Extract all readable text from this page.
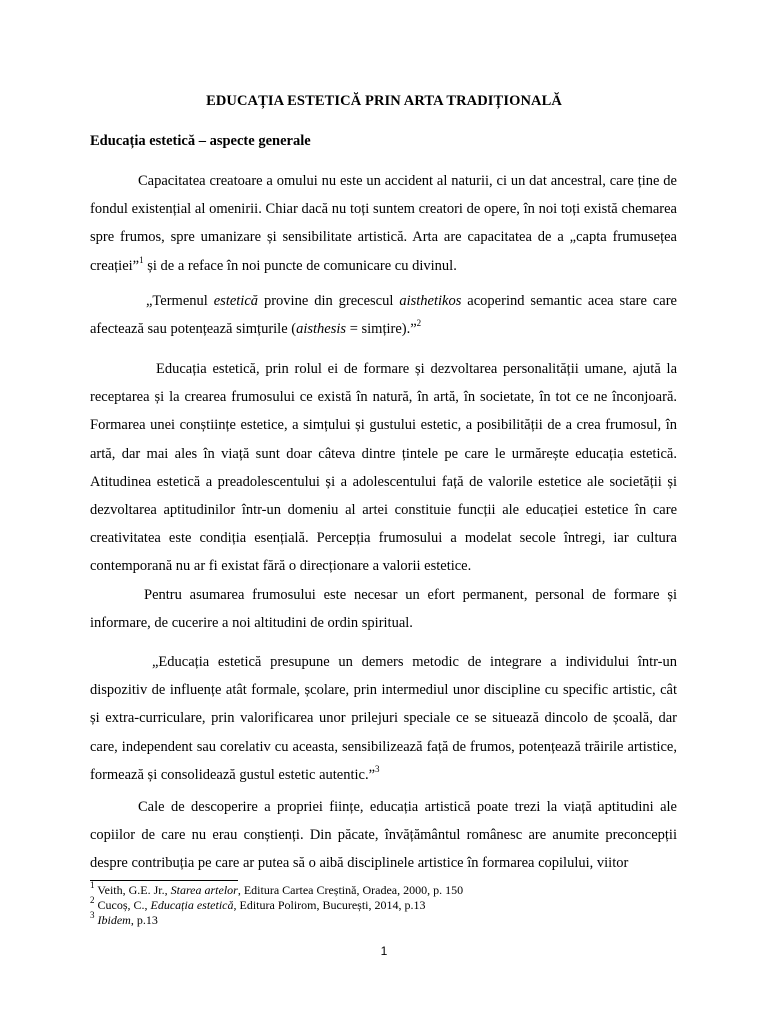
EDUCAȚIA ESTETICĂ PRIN ARTA TRADIȚIONALĂ
Educația estetică – aspecte generale

Capacitatea creatoare a omului nu este un accident al naturii, ci un dat ancestral, care ține de fondul existențial al omenirii. Chiar dacă nu toți suntem creatori de opere, în noi toți există chemarea spre frumos, spre umanizare și sensibilitate artistică. Arta are capacitatea de a „capta frumusețea creației”$^1$ și de a reface în noi puncte de comunicare cu divinul.

„Termenul estetică provine din grecescul aisthetikos acoperind semantic acea stare care afectează sau potențează simțurile (aisthesis = simțire).”$^2$

Educația estetică, prin rolul ei de formare și dezvoltarea personalității umane, ajută la receptarea și la crearea frumosului ce există în natură, în artă, în societate, în tot ce ne înconjoară. Formarea unei conștiințe estetice, a simțului și gustului estetic, a posibilității de a crea frumosul, în artă, dar mai ales în viață sunt doar câteva dintre țintele pe care le urmărește educația estetică. Atitudinea estetică a preadolescentului și a adolescentului față de valorile estetice ale societății și dezvoltarea aptitudinilor într-un domeniu al artei constituie funcții ale educației estetice în care creativitatea este condiția esențială. Percepția frumosului a modelat secole întregi, iar cultura contemporană nu ar fi existat fără o direcționare a valorii estetice.

Pentru asumarea frumosului este necesar un efort permanent, personal de formare și informare, de cucerire a noi altitudini de ordin spiritual.

„Educația estetică presupune un demers metodic de integrare a individului într-un dispozitiv de influențe atât formale, școlare, prin intermediul unor discipline cu specific artistic, cât și extra-curriculare, prin valorificarea unor prilejuri speciale ce se situează dincolo de școală, dar care, independent sau corelativ cu aceasta, sensibilizează față de frumos, potențează trăirile artistice, formează și consolidează gustul estetic autentic.”$^3$

Cale de descoperire a propriei ființe, educația artistică poate trezi la viață aptitudini ale copiilor de care nu erau conștienți. Din păcate, învățământul românesc are anumite preconcepții despre contribuția pe care ar putea să o aibă disciplinele artistice în formarea copilului, viitor

$^1$ Veith, G.E. Jr., Starea artelor, Editura Cartea Creștină, Oradea, 2000, p. 150
$^2$ Cucoș, C., Educația estetică, Editura Polirom, București, 2014, p.13
$^3$ Ibidem, p.13
1
